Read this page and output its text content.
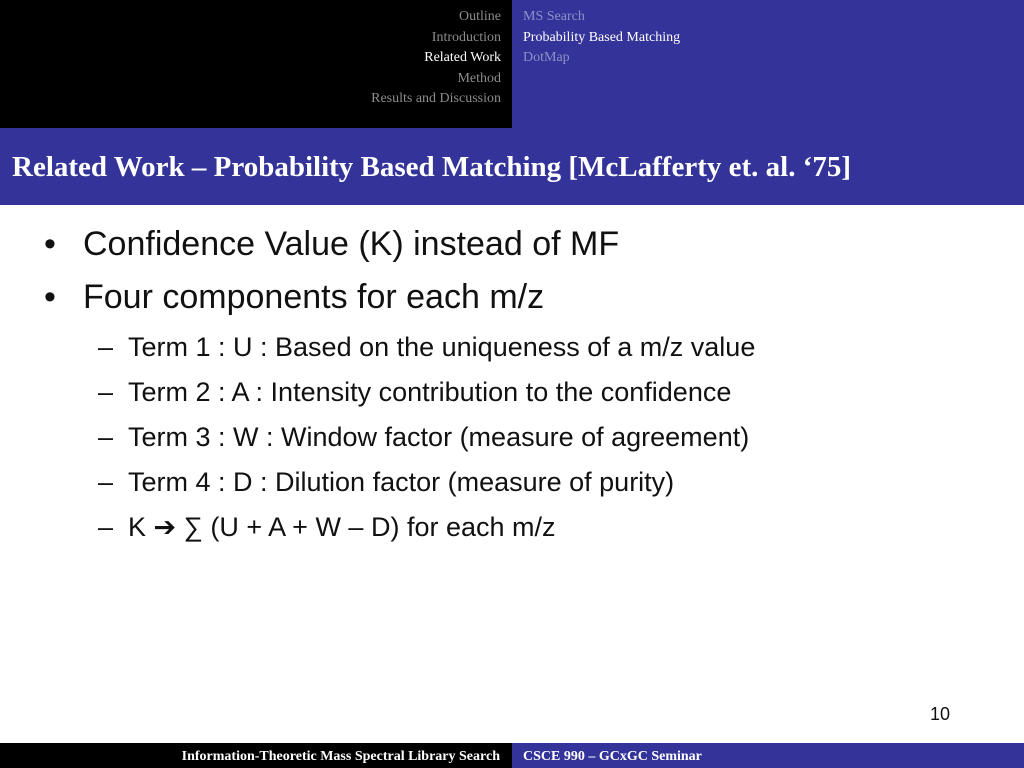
Outline
Introduction
Related Work
Method
Results and Discussion
MS Search
Probability Based Matching
DotMap
Related Work – Probability Based Matching [McLafferty et. al. ‘75]
• Confidence Value (K) instead of MF
• Four components for each m/z
– Term 1 : U : Based on the uniqueness of a m/z value
– Term 2 : A : Intensity contribution to the confidence
– Term 3 : W : Window factor (measure of agreement)
– Term 4 : D : Dilution factor (measure of purity)
– K ➔ ∑ (U + A + W – D) for each m/z
10
Information-Theoretic Mass Spectral Library Search CSCE 990 – GCxGC Seminar
